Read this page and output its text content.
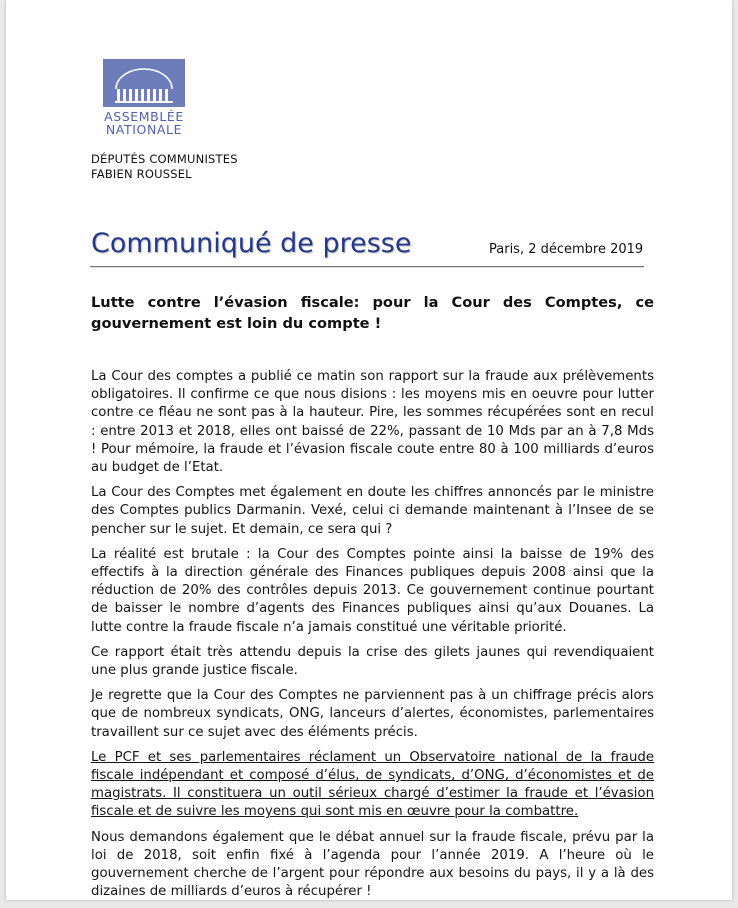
ASSEMBLÉE
NATIONALE
DÉPUTÉS COMMUNISTES
FABIEN ROUSSEL
Communiqué de presse	Paris, 2 décembre 2019
Lutte contre l’évasion fiscale: pour la Cour des Comptes, ce gouvernement est loin du compte !

La Cour des comptes a publié ce matin son rapport sur la fraude aux prélèvements obligatoires. Il confirme ce que nous disions : les moyens mis en oeuvre pour lutter contre ce fléau ne sont pas à la hauteur. Pire, les sommes récupérées sont en recul : entre 2013 et 2018, elles ont baissé de 22%, passant de 10 Mds par an à 7,8 Mds ! Pour mémoire, la fraude et l’évasion fiscale coute entre 80 à 100 milliards d’euros au budget de l’Etat.

La Cour des Comptes met également en doute les chiffres annoncés par le ministre des Comptes publics Darmanin. Vexé, celui ci demande maintenant à l’Insee de se pencher sur le sujet. Et demain, ce sera qui ?

La réalité est brutale : la Cour des Comptes pointe ainsi la baisse de 19% des effectifs à la direction générale des Finances publiques depuis 2008 ainsi que la réduction de 20% des contrôles depuis 2013. Ce gouvernement continue pourtant de baisser le nombre d’agents des Finances publiques ainsi qu’aux Douanes. La lutte contre la fraude fiscale n’a jamais constitué une véritable priorité.

Ce rapport était très attendu depuis la crise des gilets jaunes qui revendiquaient une plus grande justice fiscale.

Je regrette que la Cour des Comptes ne parviennent pas à un chiffrage précis alors que de nombreux syndicats, ONG, lanceurs d’alertes, économistes, parlementaires travaillent sur ce sujet avec des éléments précis.

Le PCF et ses parlementaires réclament un Observatoire national de la fraude fiscale indépendant et composé d’élus, de syndicats, d’ONG, d’économistes et de magistrats. Il constituera un outil sérieux chargé d’estimer la fraude et l’évasion fiscale et de suivre les moyens qui sont mis en œuvre pour la combattre.

Nous demandons également que le débat annuel sur la fraude fiscale, prévu par la loi de 2018, soit enfin fixé à l’agenda pour l’année 2019. A l’heure où le gouvernement cherche de l’argent pour répondre aux besoins du pays, il y a là des dizaines de milliards d’euros à récupérer !
